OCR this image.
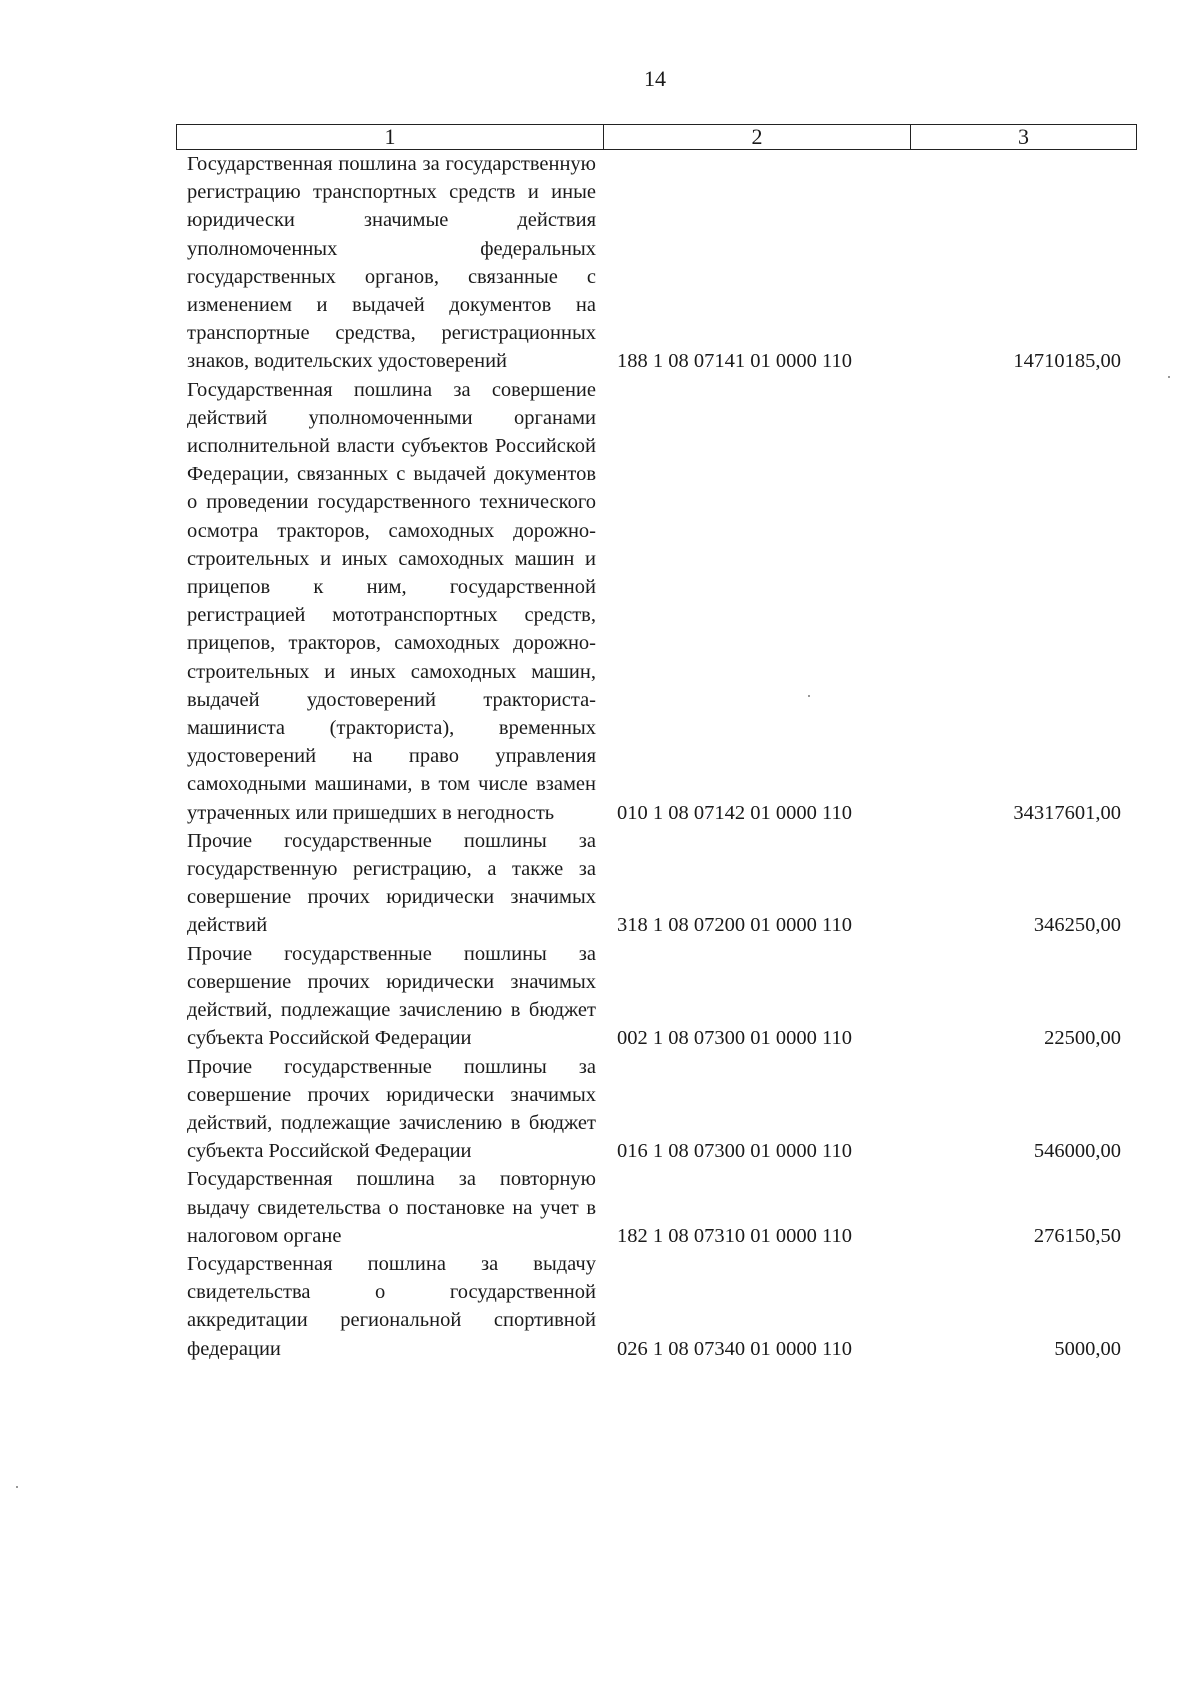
14
1	2	3
Государственная пошлина за государственную регистрацию транспортных средств и иные юридически значимые действия уполномоченных федеральных государственных органов, связанные с изменением и выдачей документов на транспортные средства, регистрационных знаков, водительских удостоверений	188 1 08 07141 01 0000 110	14710185,00
Государственная пошлина за совершение действий уполномоченными органами исполнительной власти субъектов Российской Федерации, связанных с выдачей документов о проведении государственного технического осмотра тракторов, самоходных дорожно-строительных и иных самоходных машин и прицепов к ним, государственной регистрацией мототранспортных средств, прицепов, тракторов, самоходных дорожно-строительных и иных самоходных машин, выдачей удостоверений тракториста-машиниста (тракториста), временных удостоверений на право управления самоходными машинами, в том числе взамен утраченных или пришедших в негодность	010 1 08 07142 01 0000 110	34317601,00
Прочие государственные пошлины за государственную регистрацию, а также за совершение прочих юридически значимых действий	318 1 08 07200 01 0000 110	346250,00
Прочие государственные пошлины за совершение прочих юридически значимых действий, подлежащие зачислению в бюджет субъекта Российской Федерации	002 1 08 07300 01 0000 110	22500,00
Прочие государственные пошлины за совершение прочих юридически значимых действий, подлежащие зачислению в бюджет субъекта Российской Федерации	016 1 08 07300 01 0000 110	546000,00
Государственная пошлина за повторную выдачу свидетельства о постановке на учет в налоговом органе	182 1 08 07310 01 0000 110	276150,50
Государственная пошлина за выдачу свидетельства о государственной аккредитации региональной спортивной федерации	026 1 08 07340 01 0000 110	5000,00
